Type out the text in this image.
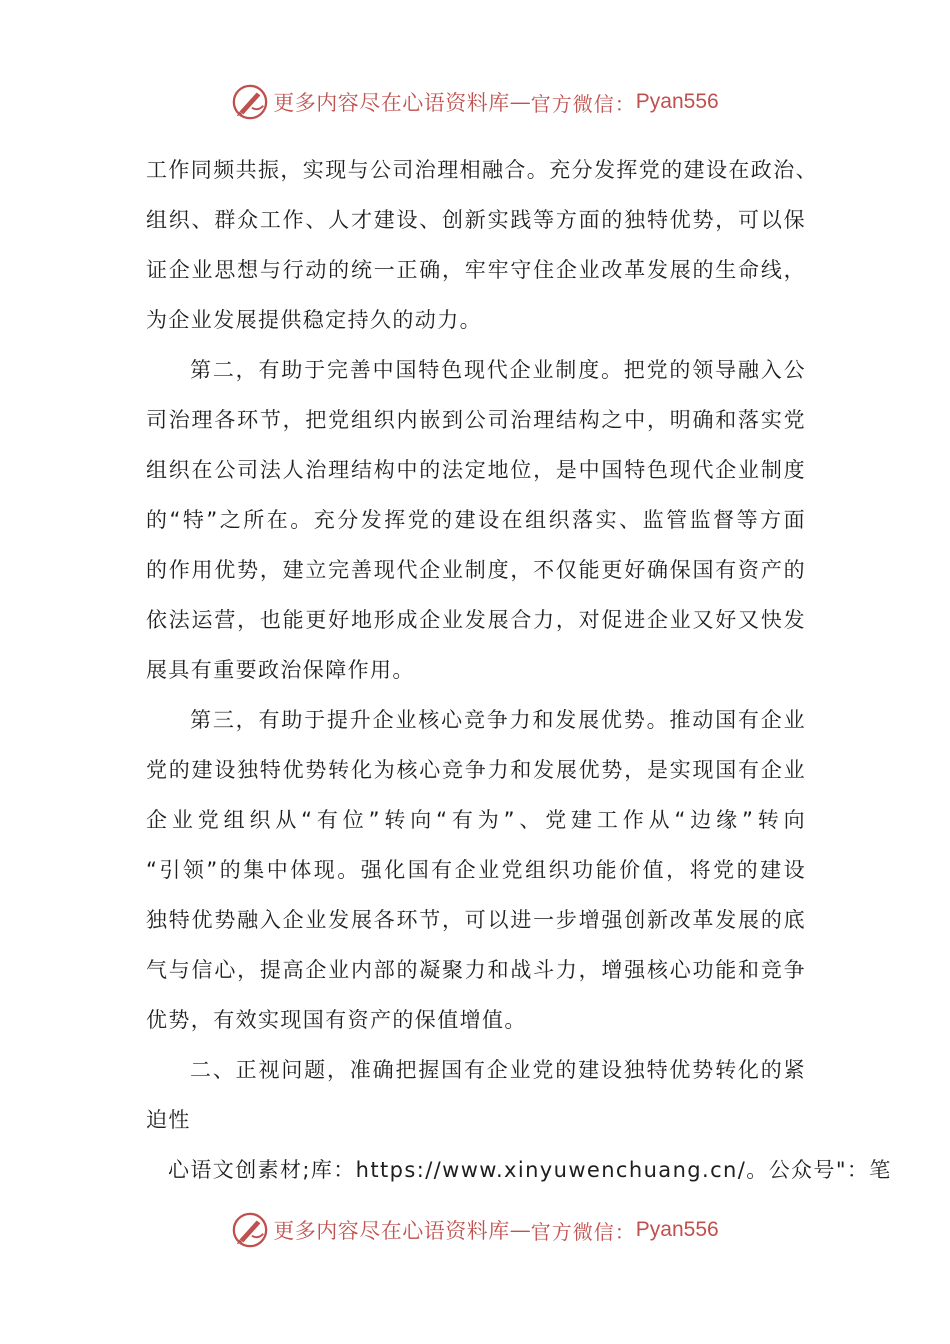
更多内容尽在心语资料库 — 官方微信： Pyan556
工作同频共振，实现与公司治理相融合。充分发挥党的建设在政治、
组织、群众工作、人才建设、创新实践等方面的独特优势，可以保
证企业思想与行动的统一正确，牢牢守住企业改革发展的生命线，
为企业发展提供稳定持久的动力。
第二，有助于完善中国特色现代企业制度。把党的领导融入公
司治理各环节，把党组织内嵌到公司治理结构之中，明确和落实党
组织在公司法人治理结构中的法定地位，是中国特色现代企业制度
的“特”之所在。充分发挥党的建设在组织落实、监管监督等方面
的作用优势，建立完善现代企业制度，不仅能更好确保国有资产的
依法运营，也能更好地形成企业发展合力，对促进企业又好又快发
展具有重要政治保障作用。
第三，有助于提升企业核心竞争力和发展优势。推动国有企业
党的建设独特优势转化为核心竞争力和发展优势，是实现国有企业
企业党组织从“有位”转向“有为”、党建工作从“边缘”转向
“引领”的集中体现。强化国有企业党组织功能价值，将党的建设
独特优势融入企业发展各环节，可以进一步增强创新改革发展的底
气与信心，提高企业内部的凝聚力和战斗力，增强核心功能和竞争
优势，有效实现国有资产的保值增值。
二、正视问题，准确把握国有企业党的建设独特优势转化的紧
迫性
心语文创素材;库：https://www.xinyuwenchuang.cn/。公众号"：笔
更多内容尽在心语资料库 — 官方微信： Pyan556
